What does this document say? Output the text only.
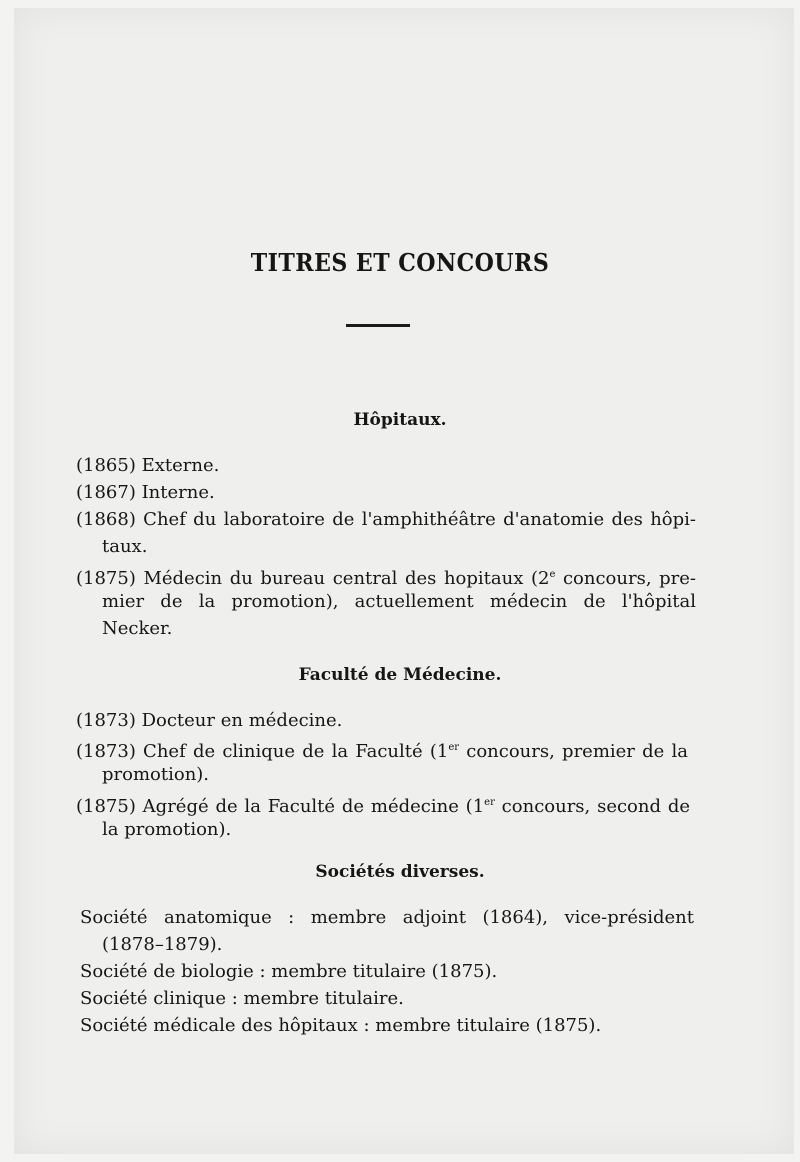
TITRES ET CONCOURS
Hôpitaux.
(1865) Externe.
(1867) Interne.
(1868) Chef du laboratoire de l'amphithéâtre d'anatomie des hôpi-
taux.
(1875) Médecin du bureau central des hopitaux (2e concours, pre-
mier de la promotion), actuellement médecin de l'hôpital
Necker.
Faculté de Médecine.
(1873) Docteur en médecine.
(1873) Chef de clinique de la Faculté (1er concours, premier de la
promotion).
(1875) Agrégé de la Faculté de médecine (1er concours, second de
la promotion).
Sociétés diverses.
Société anatomique : membre adjoint (1864), vice-président
(1878–1879).
Société de biologie : membre titulaire (1875).
Société clinique : membre titulaire.
Société médicale des hôpitaux : membre titulaire (1875).
